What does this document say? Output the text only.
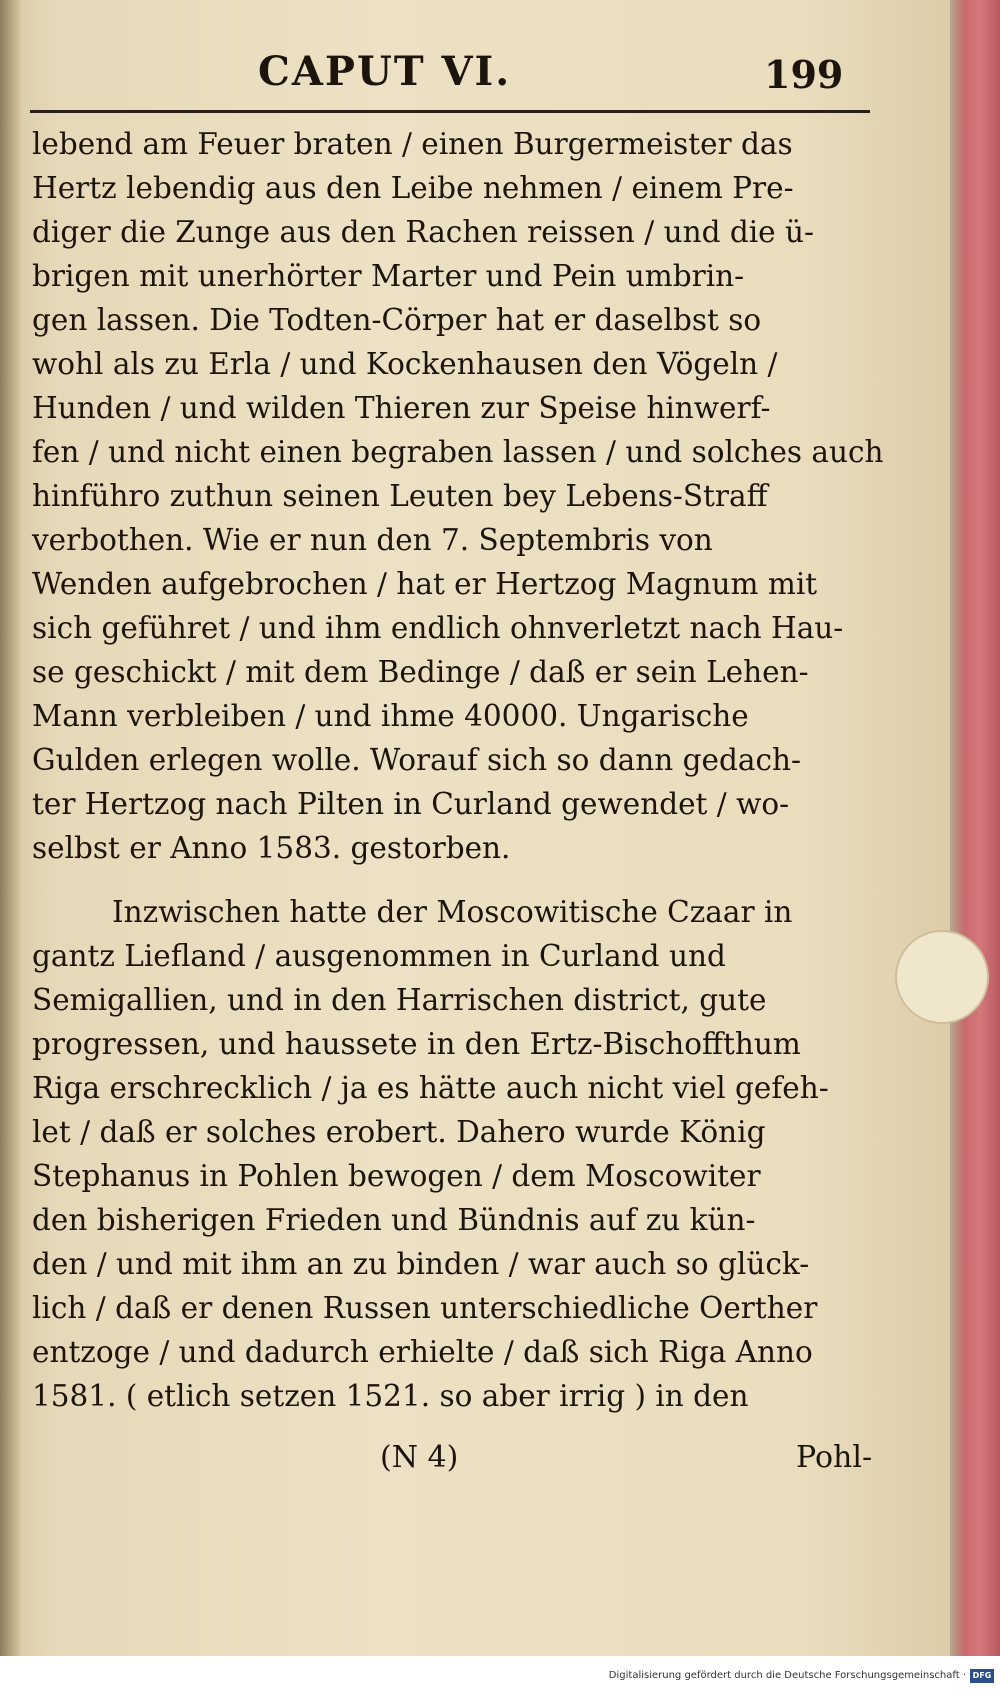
CAPUT VI.	199
lebend am Feuer braten / einen Burgermeister das
Hertz lebendig aus den Leibe nehmen / einem Pre-
diger die Zunge aus den Rachen reissen / und die ü-
brigen mit unerhörter Marter und Pein umbrin-
gen lassen. Die Todten-Cörper hat er daselbst so
wohl als zu Erla / und Kockenhausen den Vögeln /
Hunden / und wilden Thieren zur Speise hinwerf-
fen / und nicht einen begraben lassen / und solches auch
hinführo zuthun seinen Leuten bey Lebens-Straff
verbothen. Wie er nun den 7. Septembris von
Wenden aufgebrochen / hat er Hertzog Magnum mit
sich geführet / und ihm endlich ohnverletzt nach Hau-
se geschickt / mit dem Bedinge / daß er sein Lehen-
Mann verbleiben / und ihme 40000. Ungarische
Gulden erlegen wolle. Worauf sich so dann gedach-
ter Hertzog nach Pilten in Curland gewendet / wo-
selbst er Anno 1583. gestorben.
Inzwischen hatte der Moscowitische Czaar in
gantz Liefland / ausgenommen in Curland und
Semigallien, und in den Harrischen district, gute
progressen, und haussete in den Ertz-Bischoffthum
Riga erschrecklich / ja es hätte auch nicht viel gefeh-
let / daß er solches erobert. Dahero wurde König
Stephanus in Pohlen bewogen / dem Moscowiter
den bisherigen Frieden und Bündnis auf zu kün-
den / und mit ihm an zu binden / war auch so glück-
lich / daß er denen Russen unterschiedliche Oerther
entzoge / und dadurch erhielte / daß sich Riga Anno
1581. ( etlich setzen 1521. so aber irrig ) in den
(N 4)	Pohl-
Digitalisierung gefördert durch die Deutsche Forschungsgemeinschaft · DFG
